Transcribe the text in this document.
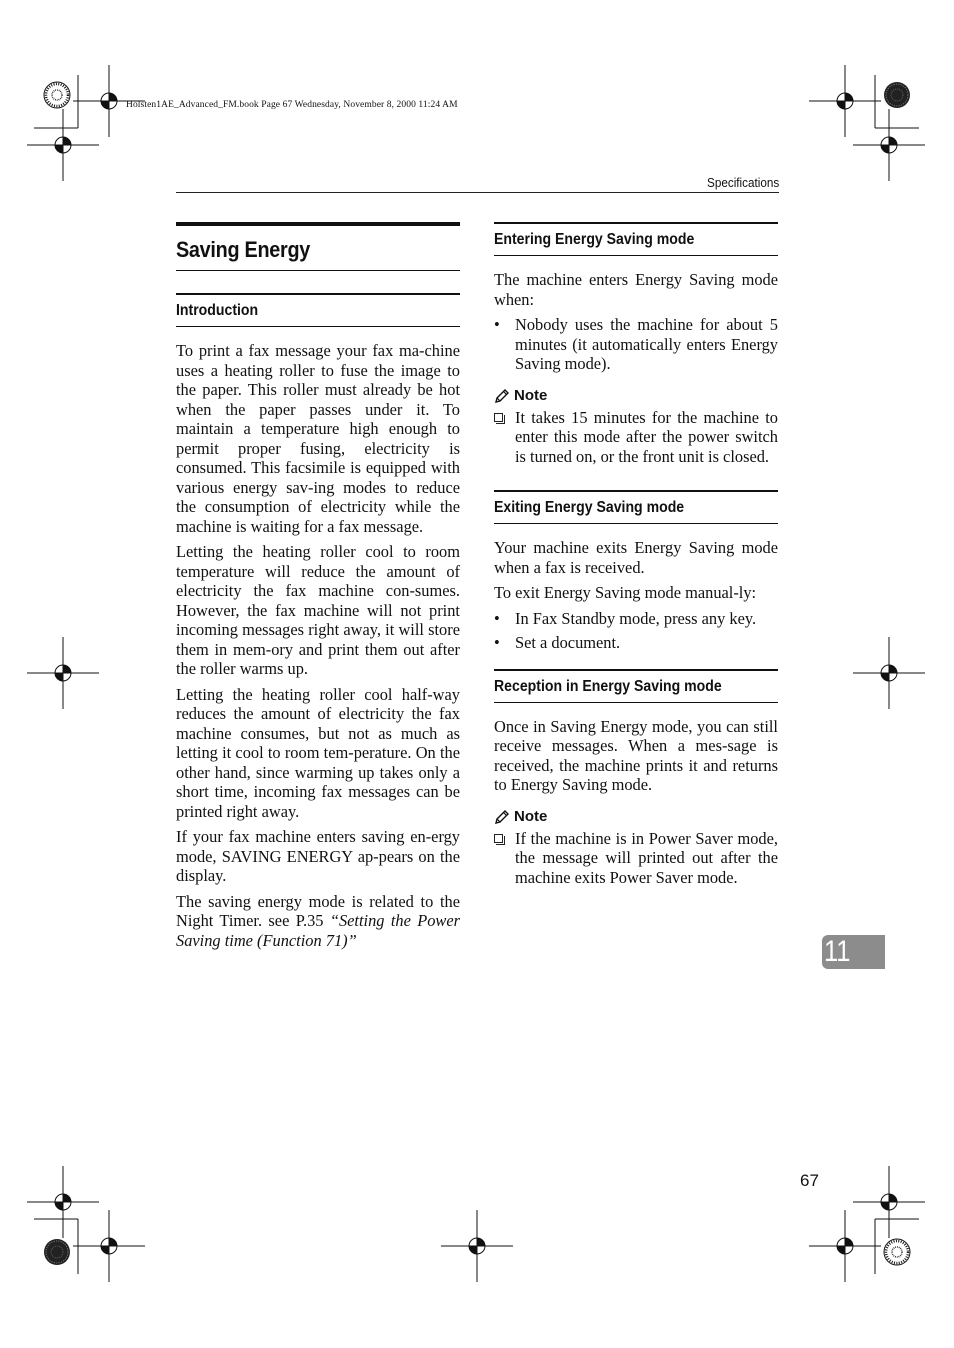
Holsten1AE_Advanced_FM.book Page 67 Wednesday, November 8, 2000 11:24 AM
Specifications
Saving Energy
Introduction

To print a fax message your fax ma-chine uses a heating roller to fuse the image to the paper. This roller must already be hot when the paper passes under it. To maintain a temperature high enough to permit proper fusing, electricity is consumed. This facsimile is equipped with various energy sav-ing modes to reduce the consumption of electricity while the machine is waiting for a fax message.

Letting the heating roller cool to room temperature will reduce the amount of electricity the fax machine con-sumes. However, the fax machine will not print incoming messages right away, it will store them in mem-ory and print them out after the roller warms up.

Letting the heating roller cool half-way reduces the amount of electricity the fax machine consumes, but not as much as letting it cool to room tem-perature. On the other hand, since warming up takes only a short time, incoming fax messages can be printed right away.

If your fax machine enters saving en-ergy mode, SAVING ENERGY ap-pears on the display.

The saving energy mode is related to the Night Timer. see P.35 “Setting the Power Saving time (Function 71)”

Entering Energy Saving mode

The machine enters Energy Saving mode when:

• Nobody uses the machine for about 5 minutes (it automatically enters Energy Saving mode).
Note
It takes 15 minutes for the machine to enter this mode after the power switch is turned on, or the front unit is closed.
Exiting Energy Saving mode

Your machine exits Energy Saving mode when a fax is received.

To exit Energy Saving mode manual-ly:

• In Fax Standby mode, press any key.
• Set a document.
Reception in Energy Saving mode

Once in Saving Energy mode, you can still receive messages. When a mes-sage is received, the machine prints it and returns to Energy Saving mode.

Note
If the machine is in Power Saver mode, the message will printed out after the machine exits Power Saver mode.
11
67
